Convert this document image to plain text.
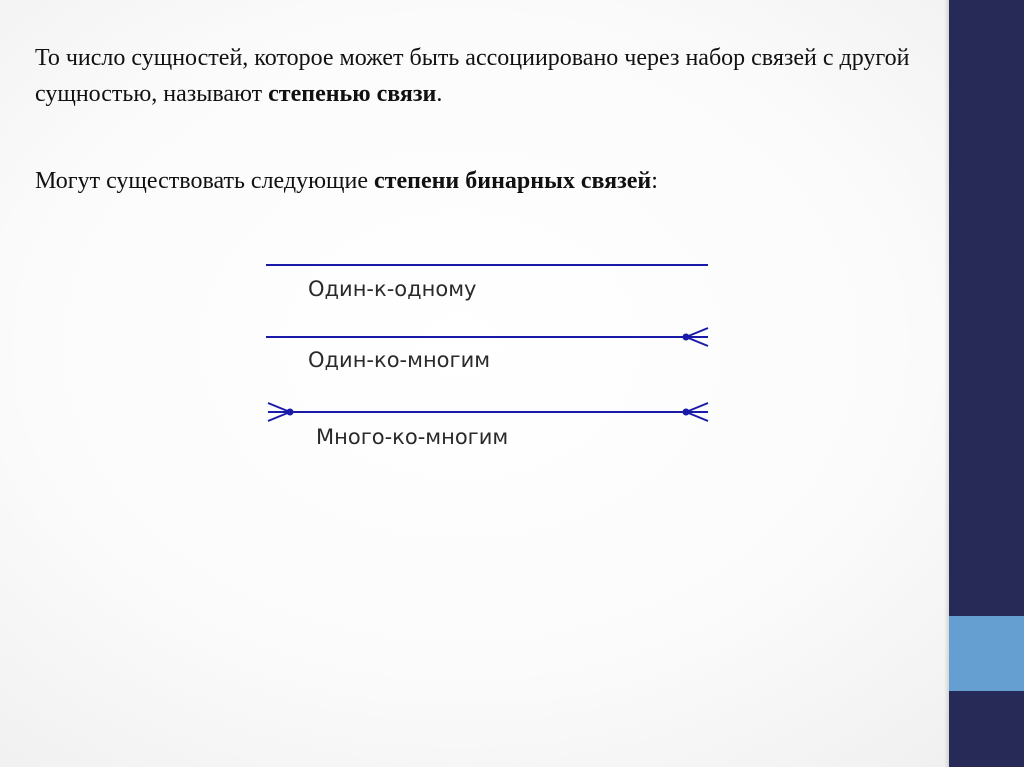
То число сущностей, которое может быть ассоциировано через набор связей с другой сущностью, называют степенью связи.

Могут существовать следующие степени бинарных связей:

Один-к-одному
Один-ко-многим
Много-ко-многим
